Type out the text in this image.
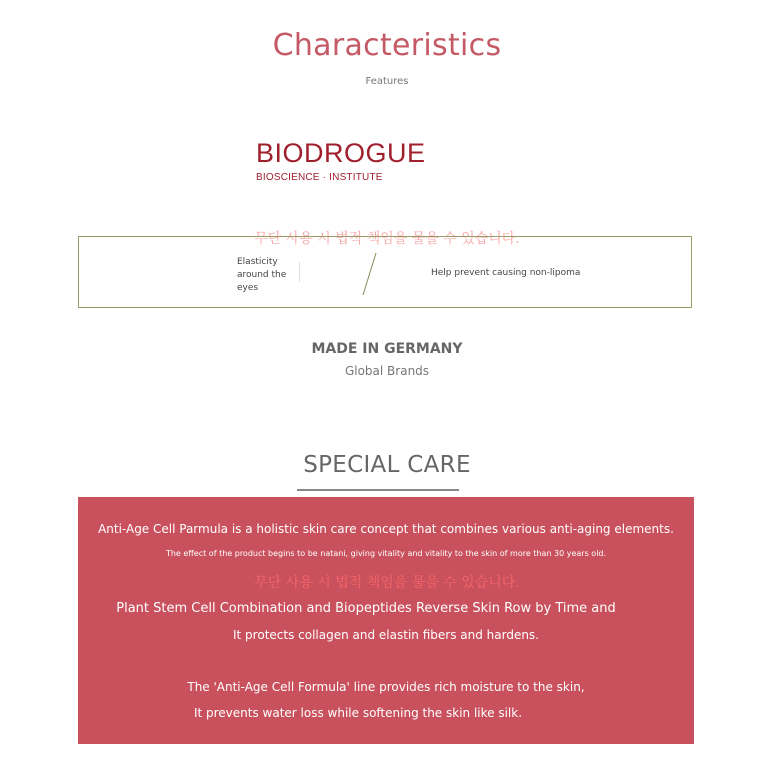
Characteristics
Features
BIODROGUE
BIOSCIENCE · INSTITUTE
무단 사용 시 법적 책임을 물을 수 있습니다.
Elasticity around the eyes
Help prevent causing non-lipoma
MADE IN GERMANY
Global Brands
SPECIAL CARE
Anti-Age Cell Parmula is a holistic skin care concept that combines various anti-aging elements.
The effect of the product begins to be natani, giving vitality and vitality to the skin of more than 30 years old.
무단 사용 시 법적 책임을 물을 수 있습니다.
Plant Stem Cell Combination and Biopeptides Reverse Skin Row by Time and
It protects collagen and elastin fibers and hardens.
The 'Anti-Age Cell Formula' line provides rich moisture to the skin,
It prevents water loss while softening the skin like silk.
